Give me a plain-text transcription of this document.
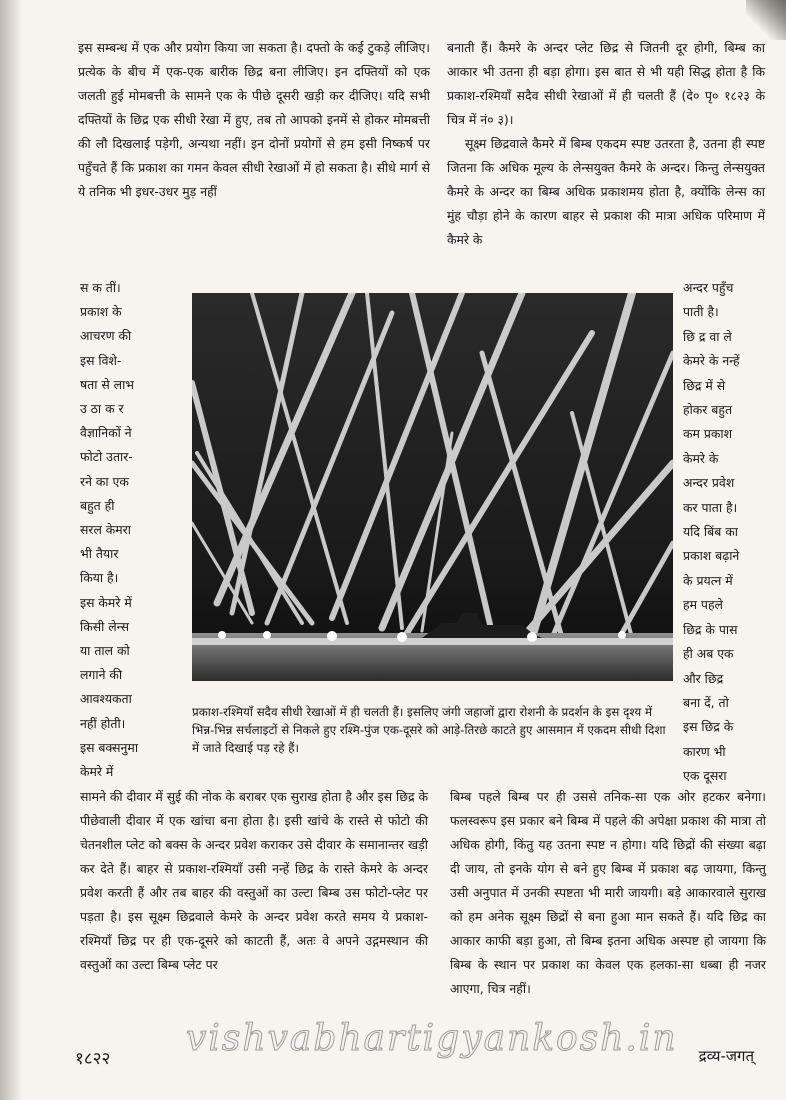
इस सम्बन्ध में एक और प्रयोग किया जा सकता है। दफ्तो के कई टुकड़े लीजिए। प्रत्येक के बीच में एक-एक बारीक छिद्र बना लीजिए। इन दफ्तियों को एक जलती हुई मोमबत्ती के सामने एक के पीछे दूसरी खड़ी कर दीजिए। यदि सभी दफ्तियों के छिद्र एक सीधी रेखा में हुए, तब तो आपको इनमें से होकर मोमबत्ती की लौ दिखलाई पड़ेगी, अन्यथा नहीं। इन दोनों प्रयोगों से हम इसी निष्कर्ष पर पहुँचते हैं कि प्रकाश का गमन केवल सीधी रेखाओं में हो सकता है। सीधे मार्ग से ये तनिक भी इधर-उधर मुड़ नहीं

बनाती हैं। कैमरे के अन्दर प्लेट छिद्र से जितनी दूर होगी, बिम्ब का आकार भी उतना ही बड़ा होगा। इस बात से भी यही सिद्ध होता है कि प्रकाश-रश्मियाँ सदैव सीधी रेखाओं में ही चलती हैं (दे० पृ० १८२३ के चित्र में नं० ३)।

सूक्ष्म छिद्रवाले कैमरे में बिम्ब एकदम स्पष्ट उतरता है, उतना ही स्पष्ट जितना कि अधिक मूल्य के लेन्सयुक्त कैमरे के अन्दर। किन्तु लेन्सयुक्त कैमरे के अन्दर का बिम्ब अधिक प्रकाशमय होता है, क्योंकि लेन्स का मुंह चौड़ा होने के कारण बाहर से प्रकाश की मात्रा अधिक परिमाण में कैमरे के

स क तीं।
प्रकाश के
आचरण की
इस विशे-
षता से लाभ
उ ठा क र
वैज्ञानिकों ने
फोटो उतार-
रने का एक
बहुत ही
सरल केमरा
भी तैयार
किया है।
इस केमरे में
किसी लेन्स
या ताल को
लगाने की
आवश्यकता
नहीं होती।
इस बक्सनुमा
केमरे में
अन्दर पहुँच
पाती है।
छि द्र वा ले
केमरे के नन्हें
छिद्र में से
होकर बहुत
कम प्रकाश
केमरे के
अन्दर प्रवेश
कर पाता है।
यदि बिंब का
प्रकाश बढ़ाने
के प्रयत्न में
हम पहले
छिद्र के पास
ही अब एक
और छिद्र
बना दें, तो
इस छिद्र के
कारण भी
एक दूसरा
प्रकाश-रश्मियाँ सदैव सीधी रेखाओं में ही चलती हैं। इसलिए जंगी जहाजों द्वारा रोशनी के प्रदर्शन के इस दृश्य में भिन्न-भिन्न सर्चलाइटों से निकले हुए रश्मि-पुंज एक-दूसरे को आड़े-तिरछे काटते हुए आसमान में एकदम सीधी दिशा में जाते दिखाई पड़ रहे हैं।

सामने की दीवार में सुई की नोक के बराबर एक सुराख होता है और इस छिद्र के पीछेवाली दीवार में एक खांचा बना होता है। इसी खांचे के रास्ते से फोटो की चेतनशील प्लेट को बक्स के अन्दर प्रवेश कराकर उसे दीवार के समानान्तर खड़ी कर देते हैं। बाहर से प्रकाश-रश्मियाँ उसी नन्हें छिद्र के रास्ते केमरे के अन्दर प्रवेश करती हैं और तब बाहर की वस्तुओं का उल्टा बिम्ब उस फोटो-प्लेट पर पड़ता है। इस सूक्ष्म छिद्रवाले केमरे के अन्दर प्रवेश करते समय ये प्रकाश-रश्मियाँ छिद्र पर ही एक-दूसरे को काटती हैं, अतः वे अपने उद्गमस्थान की वस्तुओं का उल्टा बिम्ब प्लेट पर

बिम्ब पहले बिम्ब पर ही उससे तनिक-सा एक ओर हटकर बनेगा। फलस्वरूप इस प्रकार बने बिम्ब में पहले की अपेक्षा प्रकाश की मात्रा तो अधिक होगी, किंतु यह उतना स्पष्ट न होगा। यदि छिद्रों की संख्या बढ़ा दी जाय, तो इनके योग से बने हुए बिम्ब में प्रकाश बढ़ जायगा, किन्तु उसी अनुपात में उनकी स्पष्टता भी मारी जायगी। बड़े आकारवाले सुराख को हम अनेक सूक्ष्म छिद्रों से बना हुआ मान सकते हैं। यदि छिद्र का आकार काफी बड़ा हुआ, तो बिम्ब इतना अधिक अस्पष्ट हो जायगा कि बिम्ब के स्थान पर प्रकाश का केवल एक हलका-सा धब्बा ही नजर आएगा, चित्र नहीं।

vishvabhartigyankosh.in
१८२२	द्रव्य-जगत्
